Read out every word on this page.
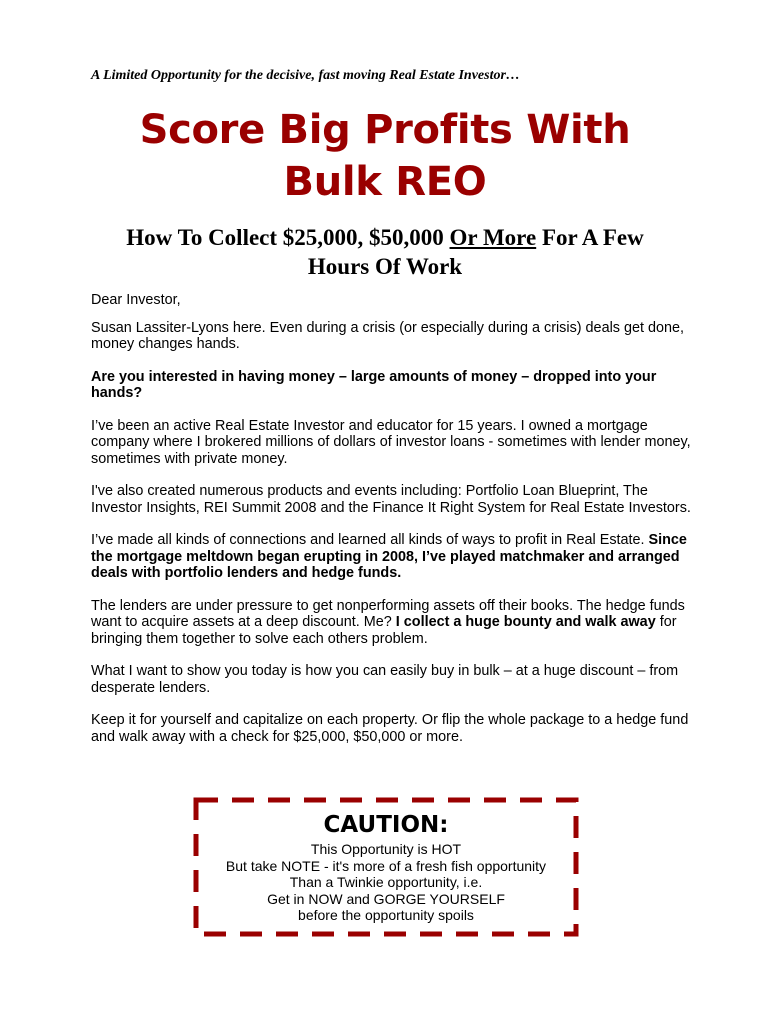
A Limited Opportunity for the decisive, fast moving Real Estate Investor…
Score Big Profits With
Bulk REO
How To Collect $25,000, $50,000 Or More For A Few
Hours Of Work

Dear Investor,

Susan Lassiter-Lyons here. Even during a crisis (or especially during a crisis) deals get done, money changes hands.

Are you interested in having money – large amounts of money – dropped into your hands?

I’ve been an active Real Estate Investor and educator for 15 years. I owned a mortgage company where I brokered millions of dollars of investor loans - sometimes with lender money, sometimes with private money.

I've also created numerous products and events including: Portfolio Loan Blueprint, The Investor Insights, REI Summit 2008 and the Finance It Right System for Real Estate Investors.

I’ve made all kinds of connections and learned all kinds of ways to profit in Real Estate. Since the mortgage meltdown began erupting in 2008, I’ve played matchmaker and arranged deals with portfolio lenders and hedge funds.

The lenders are under pressure to get nonperforming assets off their books. The hedge funds want to acquire assets at a deep discount. Me? I collect a huge bounty and walk away for bringing them together to solve each others problem.

What I want to show you today is how you can easily buy in bulk – at a huge discount – from desperate lenders.

Keep it for yourself and capitalize on each property. Or flip the whole package to a hedge fund and walk away with a check for $25,000, $50,000 or more.

CAUTION:
This Opportunity is HOT
But take NOTE - it's more of a fresh fish opportunity
Than a Twinkie opportunity, i.e.
Get in NOW and GORGE YOURSELF
before the opportunity spoils
